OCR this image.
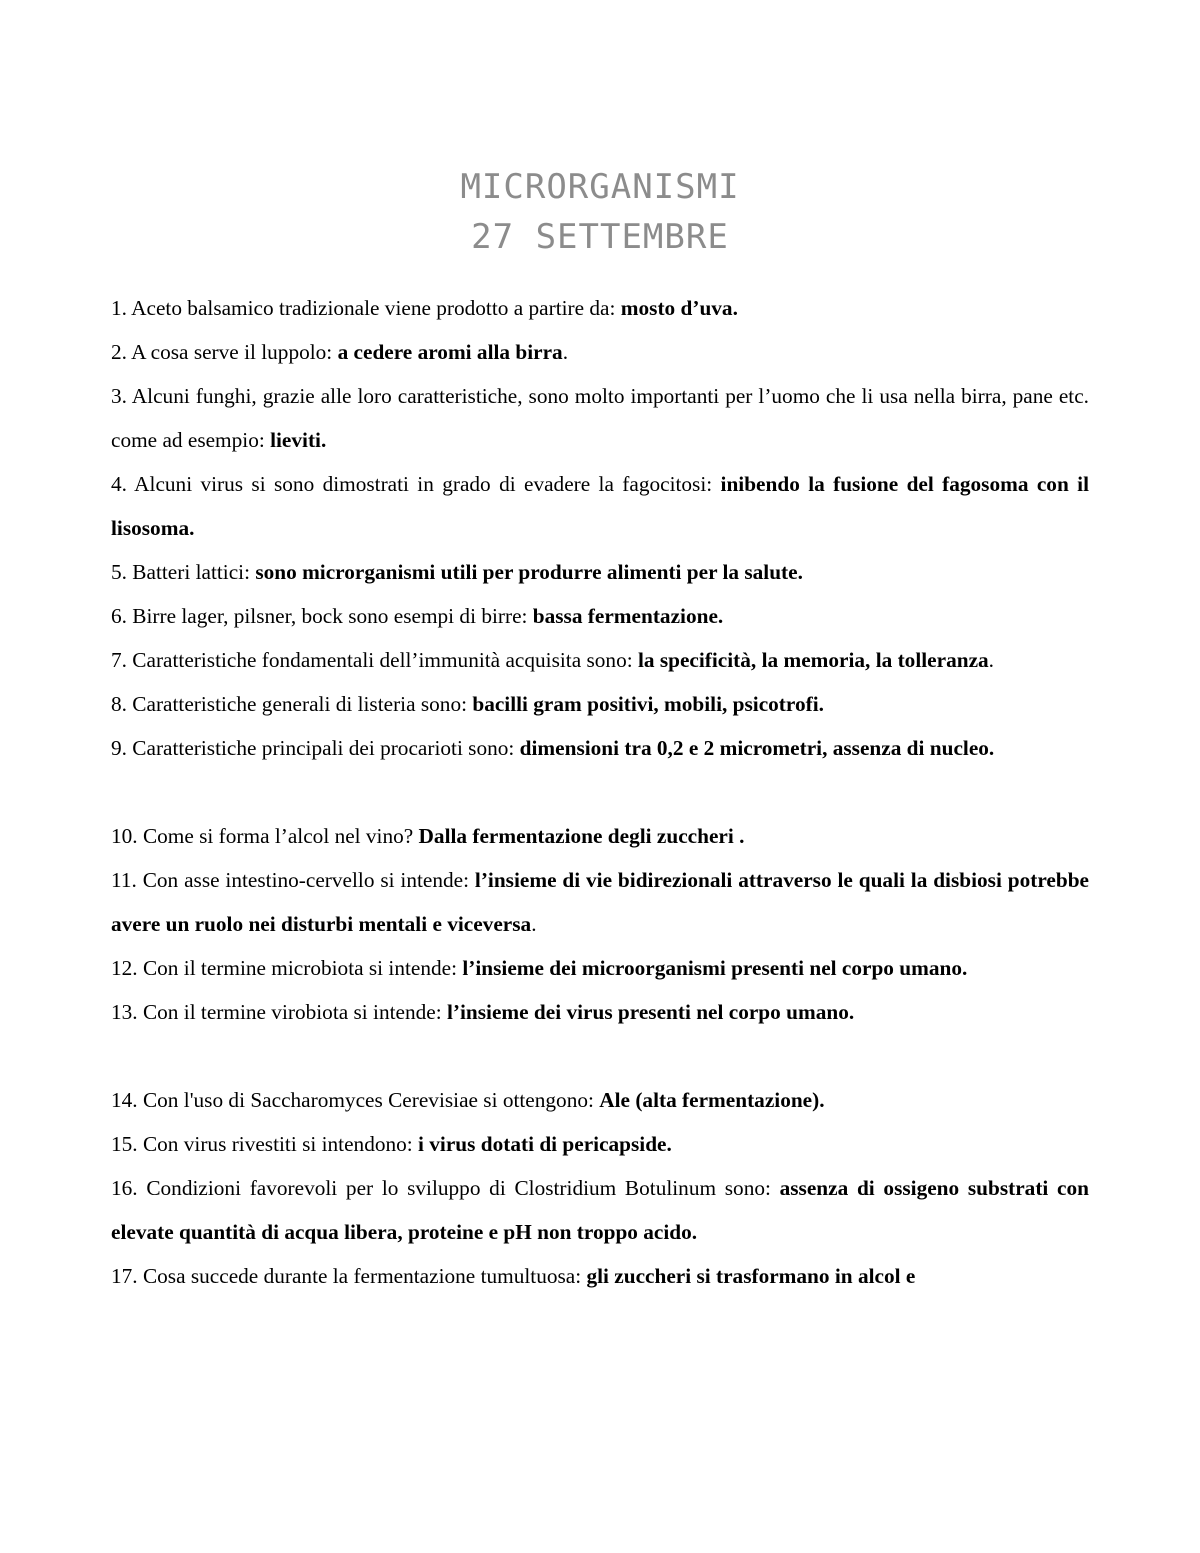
MICRORGANISMI
27 SETTEMBRE

1. Aceto balsamico tradizionale viene prodotto a partire da: mosto d’uva.

2. A cosa serve il luppolo: a cedere aromi alla birra.

3. Alcuni funghi, grazie alle loro caratteristiche, sono molto importanti per l’uomo che li usa nella birra, pane etc. come ad esempio: lieviti.

4. Alcuni virus si sono dimostrati in grado di evadere la fagocitosi: inibendo la fusione del fagosoma con il lisosoma.

5. Batteri lattici: sono microrganismi utili per produrre alimenti per la salute.

6. Birre lager, pilsner, bock sono esempi di birre: bassa fermentazione.

7. Caratteristiche fondamentali dell’immunità acquisita sono: la specificità, la memoria, la tolleranza.

8. Caratteristiche generali di listeria sono: bacilli gram positivi, mobili, psicotrofi.

9. Caratteristiche principali dei procarioti sono: dimensioni tra 0,2 e 2 micrometri, assenza di nucleo.

10. Come si forma l’alcol nel vino? Dalla fermentazione degli zuccheri .

11. Con asse intestino-cervello si intende: l’insieme di vie bidirezionali attraverso le quali la disbiosi potrebbe avere un ruolo nei disturbi mentali e viceversa.

12. Con il termine microbiota si intende: l’insieme dei microorganismi presenti nel corpo umano.

13. Con il termine virobiota si intende: l’insieme dei virus presenti nel corpo umano.

14. Con l'uso di Saccharomyces Cerevisiae si ottengono: Ale (alta fermentazione).

15. Con virus rivestiti si intendono: i virus dotati di pericapside.

16. Condizioni favorevoli per lo sviluppo di Clostridium Botulinum sono: assenza di ossigeno substrati con elevate quantità di acqua libera, proteine e pH non troppo acido.

17. Cosa succede durante la fermentazione tumultuosa: gli zuccheri si trasformano in alcol e
